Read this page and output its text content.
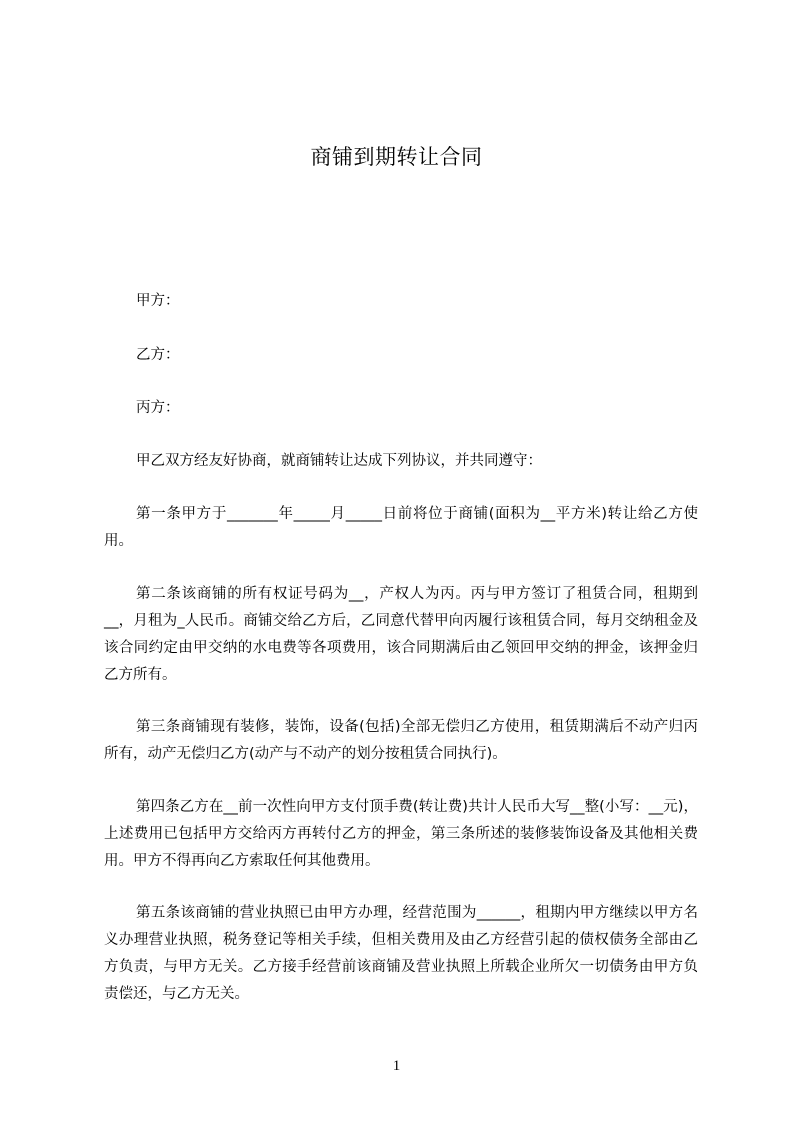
商铺到期转让合同
甲方：
乙方：
丙方：
甲乙双方经友好协商，就商铺转让达成下列协议，并共同遵守：
第一条甲方于_______年_____月_____日前将位于商铺(面积为__平方米)转让给乙方使用。
第二条该商铺的所有权证号码为__，产权人为丙。丙与甲方签订了租赁合同，租期到__，月租为_人民币。商铺交给乙方后，乙同意代替甲向丙履行该租赁合同，每月交纳租金及该合同约定由甲交纳的水电费等各项费用，该合同期满后由乙领回甲交纳的押金，该押金归乙方所有。
第三条商铺现有装修，装饰，设备(包括)全部无偿归乙方使用，租赁期满后不动产归丙所有，动产无偿归乙方(动产与不动产的划分按租赁合同执行)。
第四条乙方在__前一次性向甲方支付顶手费(转让费)共计人民币大写__整(小写：__元)，上述费用已包括甲方交给丙方再转付乙方的押金，第三条所述的装修装饰设备及其他相关费用。甲方不得再向乙方索取任何其他费用。
第五条该商铺的营业执照已由甲方办理，经营范围为______，租期内甲方继续以甲方名义办理营业执照，税务登记等相关手续，但相关费用及由乙方经营引起的债权债务全部由乙方负责，与甲方无关。乙方接手经营前该商铺及营业执照上所载企业所欠一切债务由甲方负责偿还，与乙方无关。
1
